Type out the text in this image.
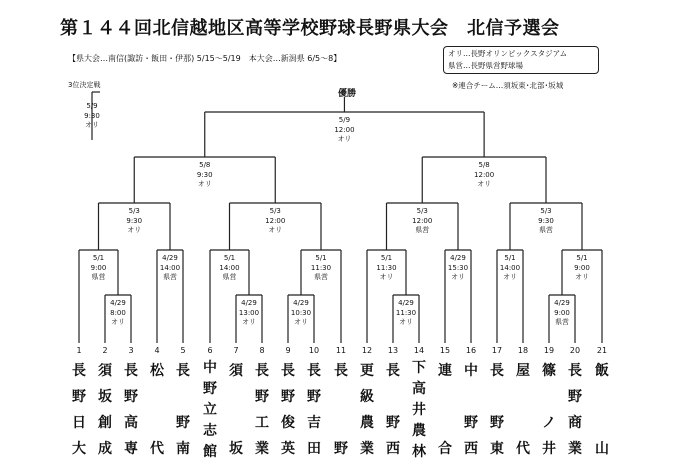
第１４４回北信越地区高等学校野球長野県大会　北信予選会
【県大会…南信(諏訪・飯田・伊那) 5/15～5/19　本大会…新潟県 6/5～8】
オリ…長野オリンピックスタジアム
県営…長野県営野球場
※連合チーム…須坂東･北部･坂城
3位決定戦
優勝
4/29
8:00
オリ
4/29
13:00
オリ
4/29
10:30
オリ
4/29
11:30
オリ
4/29
9:00
県営
5/1
9:00
県営
4/29
14:00
県営
5/1
14:00
県営
5/1
11:30
県営
5/1
11:30
オリ
4/29
15:30
オリ
5/1
14:00
オリ
5/1
9:00
オリ
5/3
9:30
オリ
5/3
12:00
オリ
5/3
12:00
県営
5/3
9:30
県営
5/8
9:30
オリ
5/8
12:00
オリ
5/9
12:00
オリ
5/9
9:30
オリ
1
長
野
日
大
2
須
坂
創
成
3
長
野
高
専
4
松

代
5
長

野
南
6
中
野
立
志
館
7
須

坂
8
長
野
工
業
9
長
野
俊
英
10
長
野
吉
田
11
長

野
12
更
級
農
業
13
長

野
西
14
下
高
井
農
林
15
連

合
16
中

野
西
17
長

野
東
18
屋

代
19
篠

ノ
井
20
長
野
商
業
21
飯

山
